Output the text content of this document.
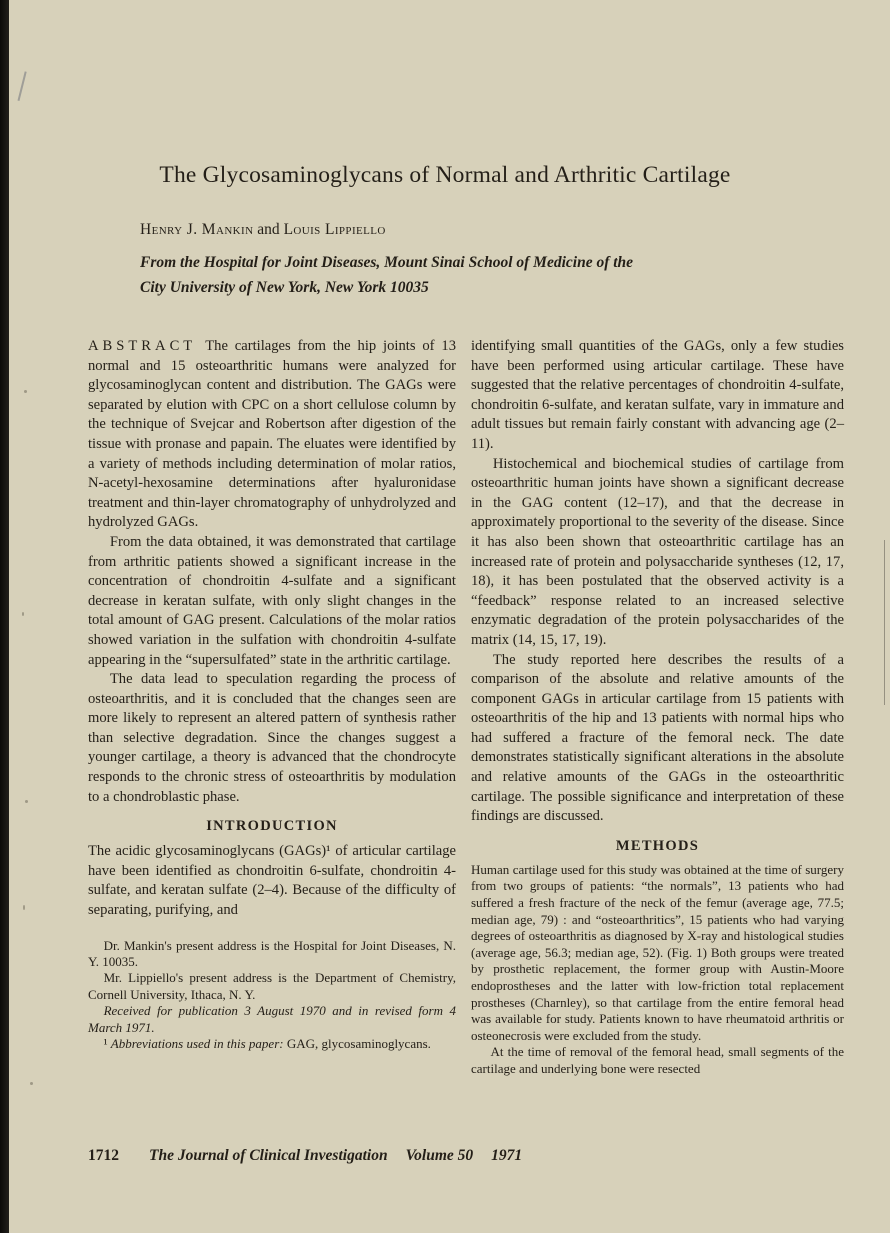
The Glycosaminoglycans of Normal and Arthritic Cartilage
Henry J. Mankin and Louis Lippiello
From the Hospital for Joint Diseases, Mount Sinai School of Medicine of the
City University of New York, New York 10035

ABSTRACT The cartilages from the hip joints of 13 normal and 15 osteoarthritic humans were analyzed for glycosaminoglycan content and distribution. The GAGs were separated by elution with CPC on a short cellulose column by the technique of Svejcar and Robertson after digestion of the tissue with pronase and papain. The eluates were identified by a variety of methods including determination of molar ratios, N-acetyl-hexosamine determinations after hyaluronidase treatment and thin-layer chromatography of unhydrolyzed and hydrolyzed GAGs.

From the data obtained, it was demonstrated that cartilage from arthritic patients showed a significant increase in the concentration of chondroitin 4-sulfate and a significant decrease in keratan sulfate, with only slight changes in the total amount of GAG present. Calculations of the molar ratios showed variation in the sulfation with chondroitin 4-sulfate appearing in the “supersulfated” state in the arthritic cartilage.

The data lead to speculation regarding the process of osteoarthritis, and it is concluded that the changes seen are more likely to represent an altered pattern of synthesis rather than selective degradation. Since the changes suggest a younger cartilage, a theory is advanced that the chondrocyte responds to the chronic stress of osteoarthritis by modulation to a chondroblastic phase.

INTRODUCTION

The acidic glycosaminoglycans (GAGs)¹ of articular cartilage have been identified as chondroitin 6-sulfate, chondroitin 4-sulfate, and keratan sulfate (2–4). Because of the difficulty of separating, purifying, and

Dr. Mankin's present address is the Hospital for Joint Diseases, N. Y. 10035.

Mr. Lippiello's present address is the Department of Chemistry, Cornell University, Ithaca, N. Y.

Received for publication 3 August 1970 and in revised form 4 March 1971.

¹ Abbreviations used in this paper: GAG, glycosaminoglycans.

identifying small quantities of the GAGs, only a few studies have been performed using articular cartilage. These have suggested that the relative percentages of chondroitin 4-sulfate, chondroitin 6-sulfate, and keratan sulfate, vary in immature and adult tissues but remain fairly constant with advancing age (2–11).

Histochemical and biochemical studies of cartilage from osteoarthritic human joints have shown a significant decrease in the GAG content (12–17), and that the decrease in approximately proportional to the severity of the disease. Since it has also been shown that osteoarthritic cartilage has an increased rate of protein and polysaccharide syntheses (12, 17, 18), it has been postulated that the observed activity is a “feedback” response related to an increased selective enzymatic degradation of the protein polysaccharides of the matrix (14, 15, 17, 19).

The study reported here describes the results of a comparison of the absolute and relative amounts of the component GAGs in articular cartilage from 15 patients with osteoarthritis of the hip and 13 patients with normal hips who had suffered a fracture of the femoral neck. The date demonstrates statistically significant alterations in the absolute and relative amounts of the GAGs in the osteoarthritic cartilage. The possible significance and interpretation of these findings are discussed.

METHODS

Human cartilage used for this study was obtained at the time of surgery from two groups of patients: “the normals”, 13 patients who had suffered a fresh fracture of the neck of the femur (average age, 77.5; median age, 79) : and “osteoarthritics”, 15 patients who had varying degrees of osteoarthritis as diagnosed by X-ray and histological studies (average age, 56.3; median age, 52). (Fig. 1) Both groups were treated by prosthetic replacement, the former group with Austin-Moore endoprostheses and the latter with low-friction total replacement prostheses (Charnley), so that cartilage from the entire femoral head was available for study. Patients known to have rheumatoid arthritis or osteonecrosis were excluded from the study.

At the time of removal of the femoral head, small segments of the cartilage and underlying bone were resected

1712 The Journal of Clinical Investigation Volume 50 1971
